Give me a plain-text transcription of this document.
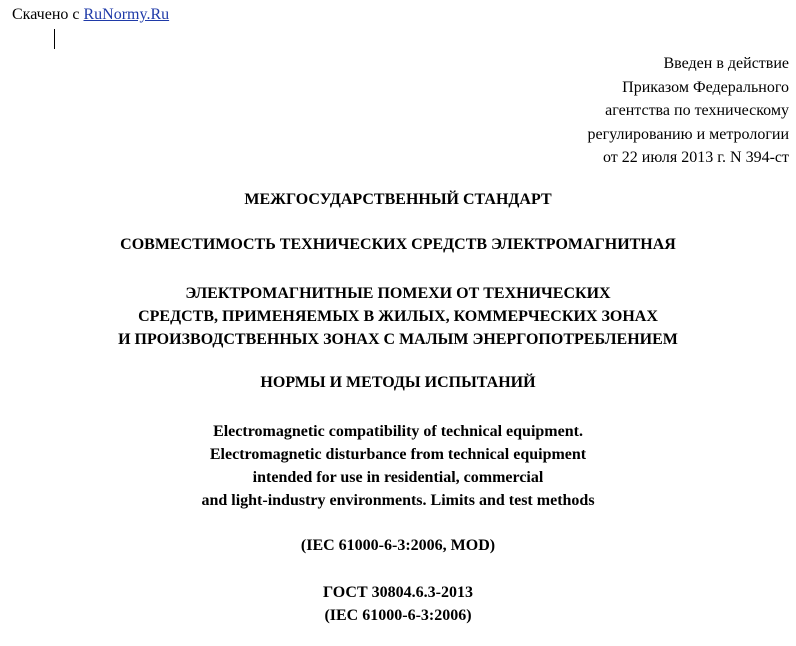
Скачено с RuNormy.Ru
Введен в действие
Приказом Федерального
агентства по техническому
регулированию и метрологии
от 22 июля 2013 г. N 394-ст
МЕЖГОСУДАРСТВЕННЫЙ СТАНДАРТ
СОВМЕСТИМОСТЬ ТЕХНИЧЕСКИХ СРЕДСТВ ЭЛЕКТРОМАГНИТНАЯ
ЭЛЕКТРОМАГНИТНЫЕ ПОМЕХИ ОТ ТЕХНИЧЕСКИХ
СРЕДСТВ, ПРИМЕНЯЕМЫХ В ЖИЛЫХ, КОММЕРЧЕСКИХ ЗОНАХ
И ПРОИЗВОДСТВЕННЫХ ЗОНАХ С МАЛЫМ ЭНЕРГОПОТРЕБЛЕНИЕМ
НОРМЫ И МЕТОДЫ ИСПЫТАНИЙ
Electromagnetic compatibility of technical equipment.
Electromagnetic disturbance from technical equipment
intended for use in residential, commercial
and light-industry environments. Limits and test methods
(IEC 61000-6-3:2006, MOD)
ГОСТ 30804.6.3-2013
(IEC 61000-6-3:2006)
